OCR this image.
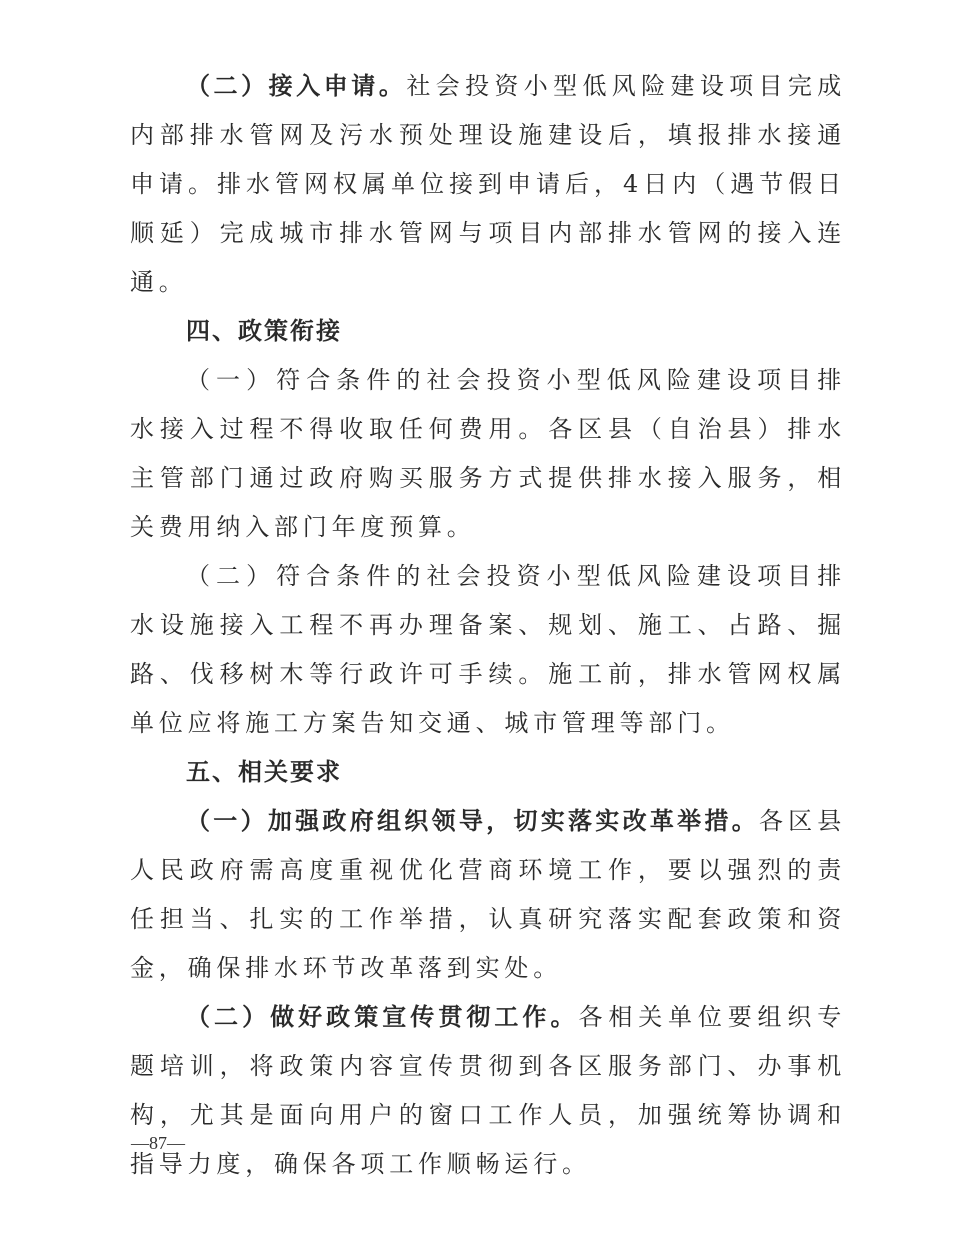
（二）接入申请。社会投资小型低风险建设项目完成内部排水管网及污水预处理设施建设后，填报排水接通申请。排水管网权属单位接到申请后，4日内（遇节假日顺延）完成城市排水管网与项目内部排水管网的接入连通。

四、政策衔接

（一）符合条件的社会投资小型低风险建设项目排水接入过程不得收取任何费用。各区县（自治县）排水主管部门通过政府购买服务方式提供排水接入服务，相关费用纳入部门年度预算。

（二）符合条件的社会投资小型低风险建设项目排水设施接入工程不再办理备案、规划、施工、占路、掘路、伐移树木等行政许可手续。施工前，排水管网权属单位应将施工方案告知交通、城市管理等部门。

五、相关要求

（一）加强政府组织领导，切实落实改革举措。各区县人民政府需高度重视优化营商环境工作，要以强烈的责任担当、扎实的工作举措，认真研究落实配套政策和资金，确保排水环节改革落到实处。

（二）做好政策宣传贯彻工作。各相关单位要组织专题培训，将政策内容宣传贯彻到各区服务部门、办事机构，尤其是面向用户的窗口工作人员，加强统筹协调和指导力度，确保各项工作顺畅运行。

—87—
